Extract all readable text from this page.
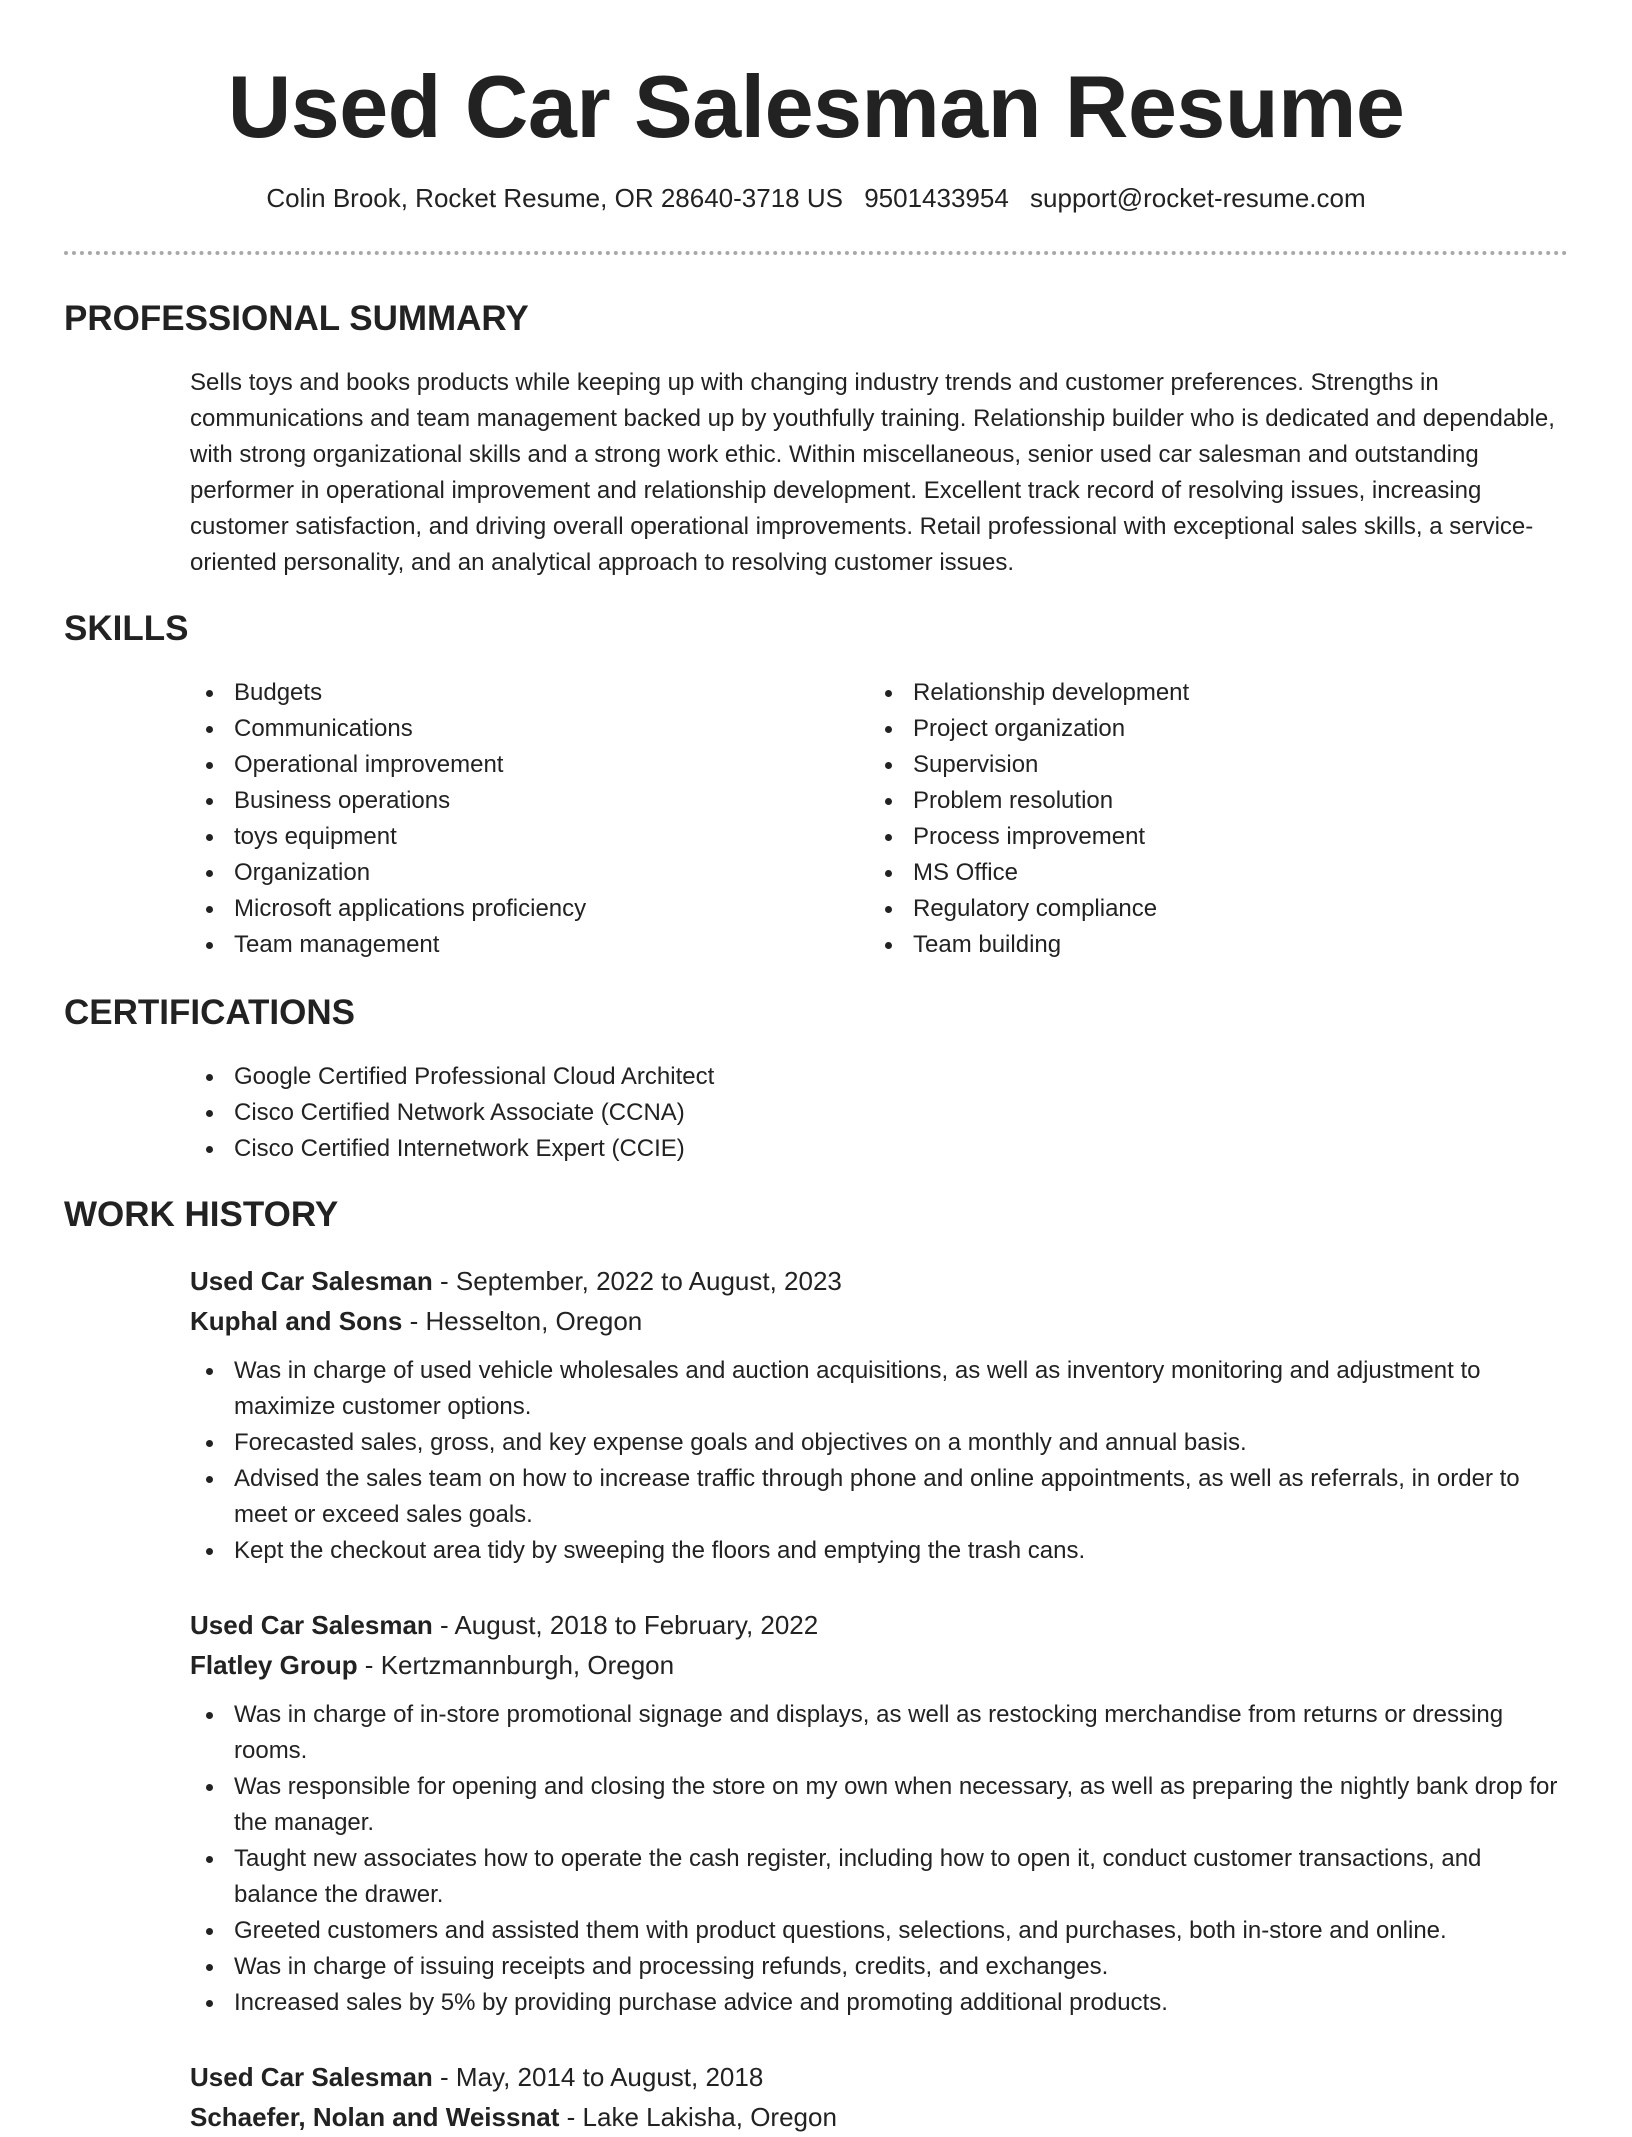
Used Car Salesman Resume
Colin Brook, Rocket Resume, OR 28640-3718 US 9501433954 support@rocket-resume.com
PROFESSIONAL SUMMARY

Sells toys and books products while keeping up with changing industry trends and customer preferences. Strengths in communications and team management backed up by youthfully training. Relationship builder who is dedicated and dependable, with strong organizational skills and a strong work ethic. Within miscellaneous, senior used car salesman and outstanding performer in operational improvement and relationship development. Excellent track record of resolving issues, increasing customer satisfaction, and driving overall operational improvements. Retail professional with exceptional sales skills, a service-oriented personality, and an analytical approach to resolving customer issues.

SKILLS
Budgets
Communications
Operational improvement
Business operations
toys equipment
Organization
Microsoft applications proficiency
Team management
Relationship development
Project organization
Supervision
Problem resolution
Process improvement
MS Office
Regulatory compliance
Team building
CERTIFICATIONS
Google Certified Professional Cloud Architect
Cisco Certified Network Associate (CCNA)
Cisco Certified Internetwork Expert (CCIE)
WORK HISTORY
Used Car Salesman - September, 2022 to August, 2023
Kuphal and Sons - Hesselton, Oregon
Was in charge of used vehicle wholesales and auction acquisitions, as well as inventory monitoring and adjustment to maximize customer options.
Forecasted sales, gross, and key expense goals and objectives on a monthly and annual basis.
Advised the sales team on how to increase traffic through phone and online appointments, as well as referrals, in order to meet or exceed sales goals.
Kept the checkout area tidy by sweeping the floors and emptying the trash cans.
Used Car Salesman - August, 2018 to February, 2022
Flatley Group - Kertzmannburgh, Oregon
Was in charge of in-store promotional signage and displays, as well as restocking merchandise from returns or dressing rooms.
Was responsible for opening and closing the store on my own when necessary, as well as preparing the nightly bank drop for the manager.
Taught new associates how to operate the cash register, including how to open it, conduct customer transactions, and balance the drawer.
Greeted customers and assisted them with product questions, selections, and purchases, both in-store and online.
Was in charge of issuing receipts and processing refunds, credits, and exchanges.
Increased sales by 5% by providing purchase advice and promoting additional products.
Used Car Salesman - May, 2014 to August, 2018
Schaefer, Nolan and Weissnat - Lake Lakisha, Oregon
